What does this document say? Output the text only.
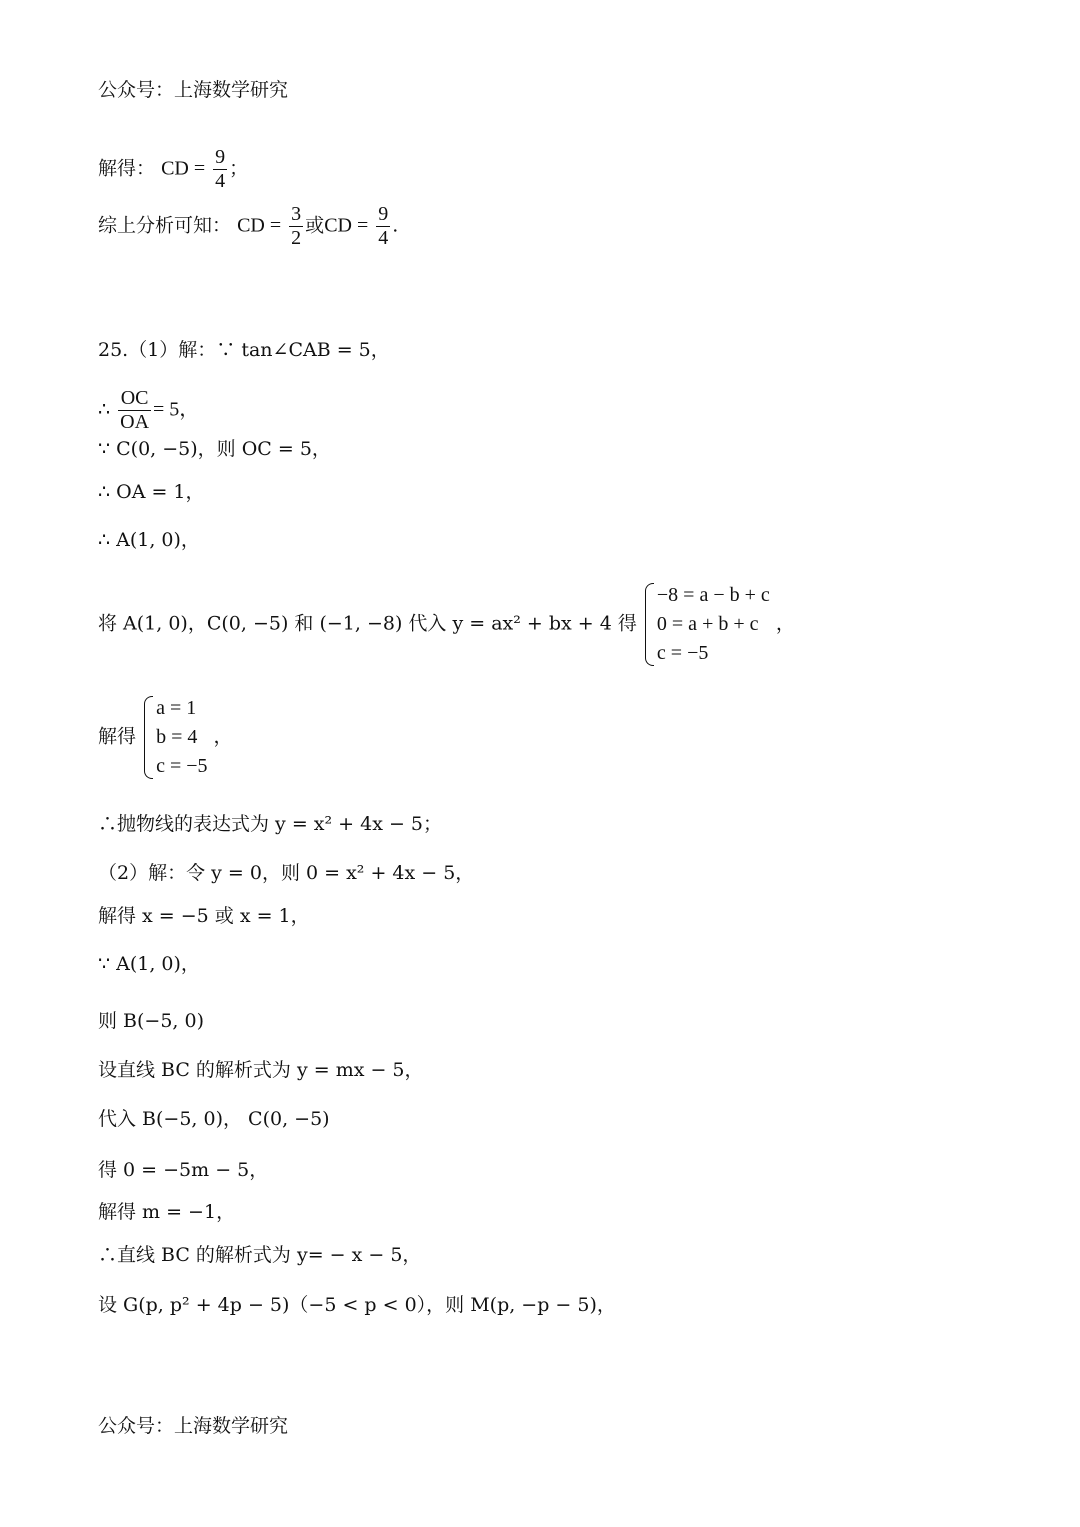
公众号：上海数学研究
解得： CD = $\frac{9}{4}$ ；
综上分析可知： CD = $\frac{3}{2}$ 或CD = $\frac{9}{4}$ .
25.（1）解：∵ tan∠CAB = 5，
∴ $\frac{OC}{OA} = 5$，
∵ C(0, −5)，则 OC = 5，
∴ OA = 1，
∴ A(1, 0)，
将 A(1, 0)，C(0, −5) 和 (−1, −8) 代入 y = ax² + bx + 4 得
−8 = a − b + c
0 = a + b + c
c = −5
，
解得
a = 1
b = 4
c = −5
，
∴抛物线的表达式为 y = x² + 4x − 5；
（2）解：令 y = 0，则 0 = x² + 4x − 5，
解得 x = −5 或 x = 1，
∵ A(1, 0)，
则 B(−5, 0)
设直线 BC 的解析式为 y = mx − 5，
代入 B(−5, 0)， C(0, −5)
得 0 = −5m − 5，
解得 m = −1，
∴直线 BC 的解析式为 y= − x − 5，
设 G(p, p² + 4p − 5)（−5 < p < 0），则 M(p, −p − 5)，
公众号：上海数学研究
